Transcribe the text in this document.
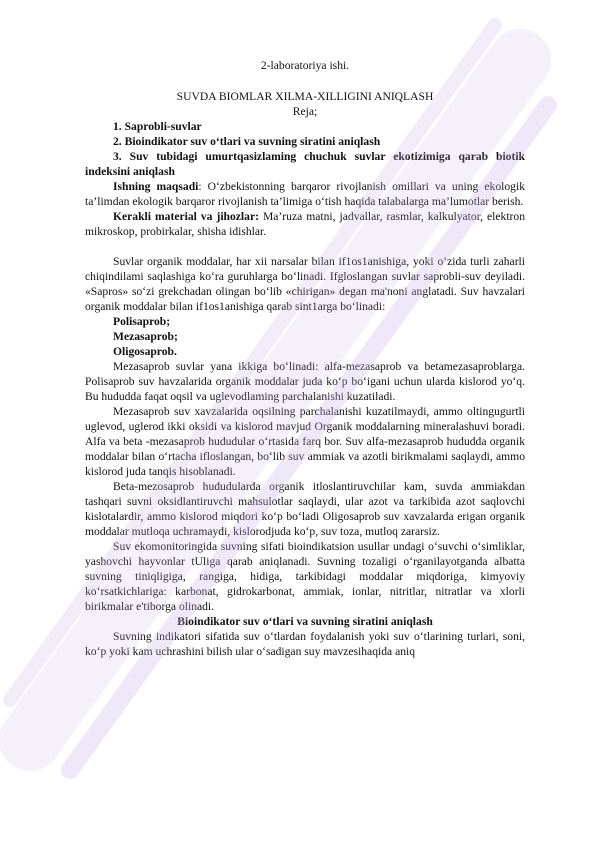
2-laboratoriya ishi.
SUVDA BIOMLAR XILMA-XILLIGINI ANIQLASH
Reja;

1. Saprobli-suvlar

2. Bioindikator suv o‘tlari va suvning siratini aniqlash

3. Suv tubidagi umurtqasizlaming chuchuk suvlar ekotizimiga qarab biotik indeksini aniqlash

Ishning maqsadi: O‘zbekistonning barqaror rivojlanish omillari va uning ekologik ta’limdan ekologik barqaror rivojlanish ta’limiga o‘tish haqida talabalarga ma’lumotlar berish.

Kerakli material va jihozlar: Ma’ruza matni, jadvallar, rasmlar, kalkulyator, elektron mikroskop, probirkalar, shisha idishlar.

Suvlar organik moddalar, har xii narsalar bilan if1os1anishiga, yoki o‘zida turli zaharli chiqindilami saqlashiga ko‘ra guruhlarga bo‘linadi. Ifgloslangan suvlar saprobli-suv deyiladi. «Sapros» so‘zi grekchadan olingan bo‘lib «chirigan» degan ma'noni anglatadi. Suv havzalari organik moddalar bilan if1os1anishiga qarab sint1arga bo‘linadi:

Polisaprob;

Mezasaprob;

Oligosaprob.

Mezasaprob suvlar yana ikkiga bo‘linadi: alfa-mezasaprob va betamezasaproblarga. Polisaprob suv havzalarida organik moddalar juda ko‘p bo‘igani uchun ularda kislorod yo‘q. Bu hududda faqat oqsil va uglevodlaming parchalanishi kuzatiladi.

Mezasaprob suv xavzalarida oqsilning parchalanishi kuzatilmaydi, ammo oltingugurtli uglevod, uglerod ikki oksidi va kislorod mavjud Organik moddalarning mineralashuvi boradi. Alfa va beta -mezasaprob hududular o‘rtasida farq bor. Suv alfa-mezasaprob hududda organik moddalar bilan o‘rtacha ifloslangan, bo‘lib suv ammiak va azotli birikmalami saqlaydi, ammo kislorod juda tanqis hisoblanadi.

Beta-mezosaprob hududularda organik itloslantiruvchilar kam, suvda ammiakdan tashqari suvni oksidlantiruvchi mahsulotlar saqlaydi, ular azot va tarkibida azot saqlovchi kislotalardir, ammo kislorod miqdori ko‘p bo‘ladi Oligosaprob suv xavzalarda erigan organik moddalar mutloqa uchramaydi, kislorodjuda ko‘p, suv toza, mutloq zararsiz.

Suv ekomonitoringida suvning sifati bioindikatsion usullar undagi o‘suvchi o‘simliklar, yashovchi hayvonlar tUliga qarab aniqlanadi. Suvning tozaligi o‘rganilayotganda albatta suvning tiniqligiga, rangiga, hidiga, tarkibidagi moddalar miqdoriga, kimyoviy ko‘rsatkichlariga: karbonat, gidrokarbonat, ammiak, ionlar, nitritlar, nitratlar va xlorli birikmalar e'tiborga olinadi.

Bioindikator suv o‘tlari va suvning siratini aniqlash

Suvning indikatori sifatida suv o‘tlardan foydalanish yoki suv o‘tlarining turlari, soni, ko‘p yoki kam uchrashini bilish ular o‘sadigan suy mavzesihaqida aniq
